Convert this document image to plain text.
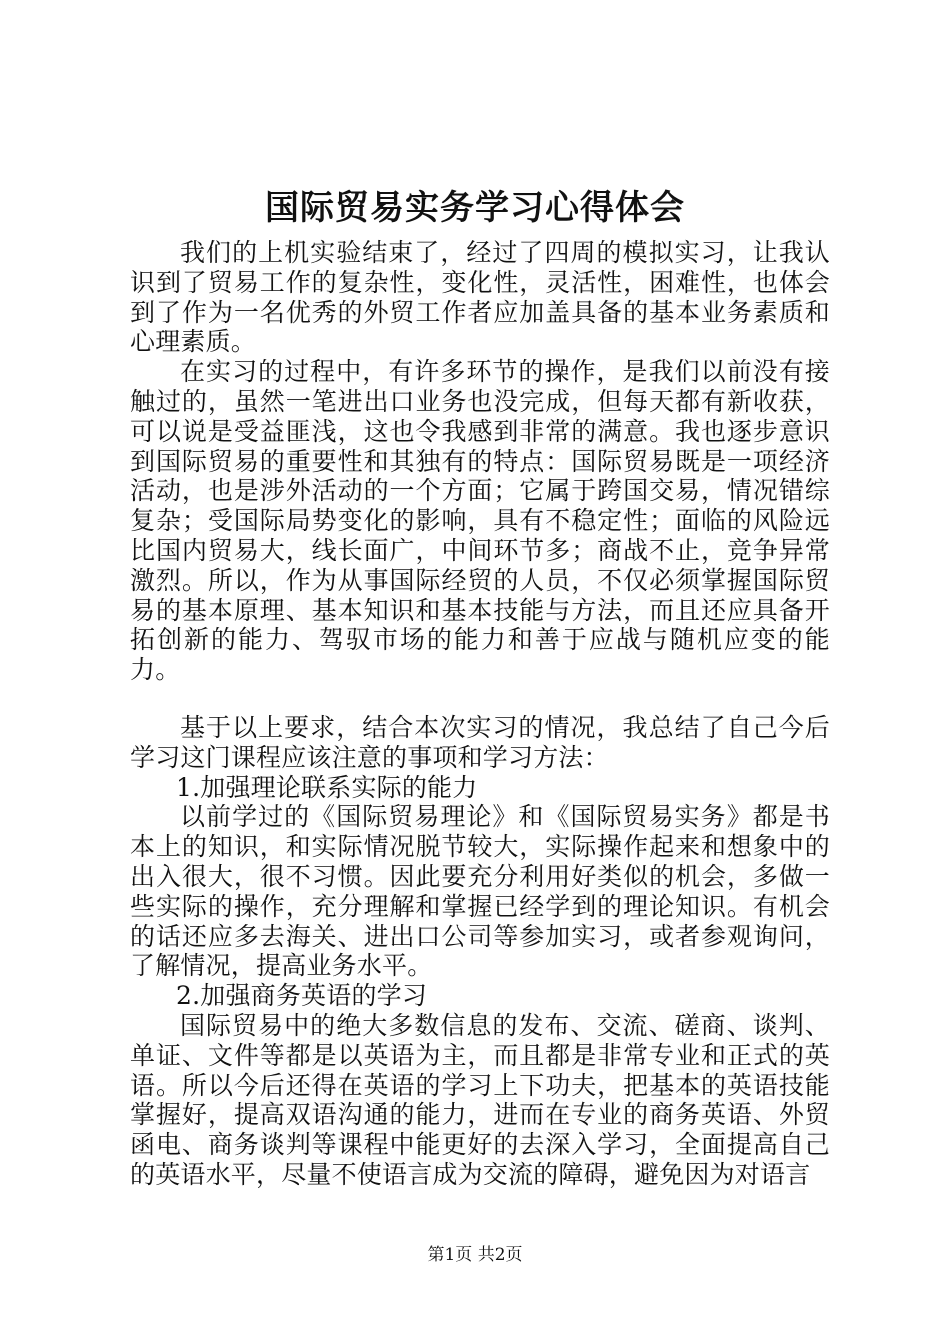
国际贸易实务学习心得体会

我们的上机实验结束了，经过了四周的模拟实习，让我认识到了贸易工作的复杂性，变化性，灵活性，困难性，也体会到了作为一名优秀的外贸工作者应加盖具备的基本业务素质和心理素质。

在实习的过程中，有许多环节的操作，是我们以前没有接触过的，虽然一笔进出口业务也没完成，但每天都有新收获，可以说是受益匪浅，这也令我感到非常的满意。我也逐步意识到国际贸易的重要性和其独有的特点：国际贸易既是一项经济活动，也是涉外活动的一个方面；它属于跨国交易，情况错综复杂；受国际局势变化的影响，具有不稳定性；面临的风险远比国内贸易大，线长面广，中间环节多；商战不止，竞争异常激烈。所以，作为从事国际经贸的人员，不仅必须掌握国际贸易的基本原理、基本知识和基本技能与方法，而且还应具备开拓创新的能力、驾驭市场的能力和善于应战与随机应变的能力。

基于以上要求，结合本次实习的情况，我总结了自己今后学习这门课程应该注意的事项和学习方法：

1.加强理论联系实际的能力

以前学过的《国际贸易理论》和《国际贸易实务》都是书本上的知识，和实际情况脱节较大，实际操作起来和想象中的出入很大，很不习惯。因此要充分利用好类似的机会，多做一些实际的操作，充分理解和掌握已经学到的理论知识。有机会的话还应多去海关、进出口公司等参加实习，或者参观询问，了解情况，提高业务水平。

2.加强商务英语的学习

国际贸易中的绝大多数信息的发布、交流、磋商、谈判、单证、文件等都是以英语为主，而且都是非常专业和正式的英语。所以今后还得在英语的学习上下功夫，把基本的英语技能掌握好，提高双语沟通的能力，进而在专业的商务英语、外贸函电、商务谈判等课程中能更好的去深入学习，全面提高自己的英语水平，尽量不使语言成为交流的障碍，避免因为对语言

第1页 共2页
